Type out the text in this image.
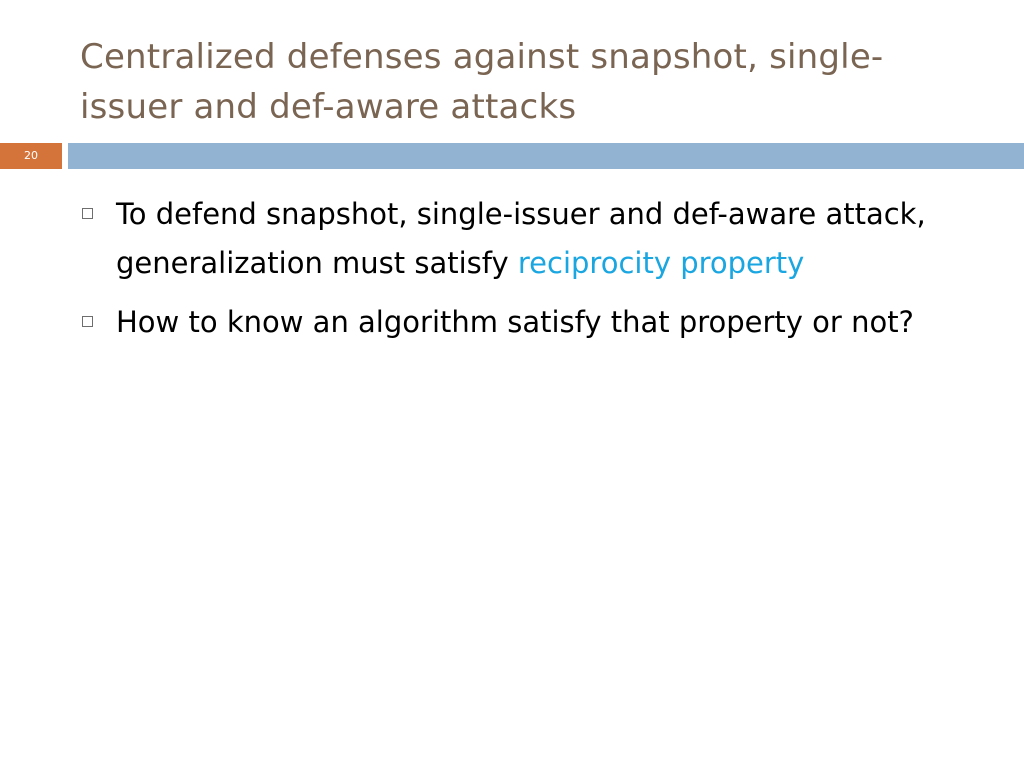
Centralized defenses against snapshot, single-
issuer and def-aware attacks
20
To defend snapshot, single-issuer and def-aware attack, generalization must satisfy reciprocity property
How to know an algorithm satisfy that property or not?
